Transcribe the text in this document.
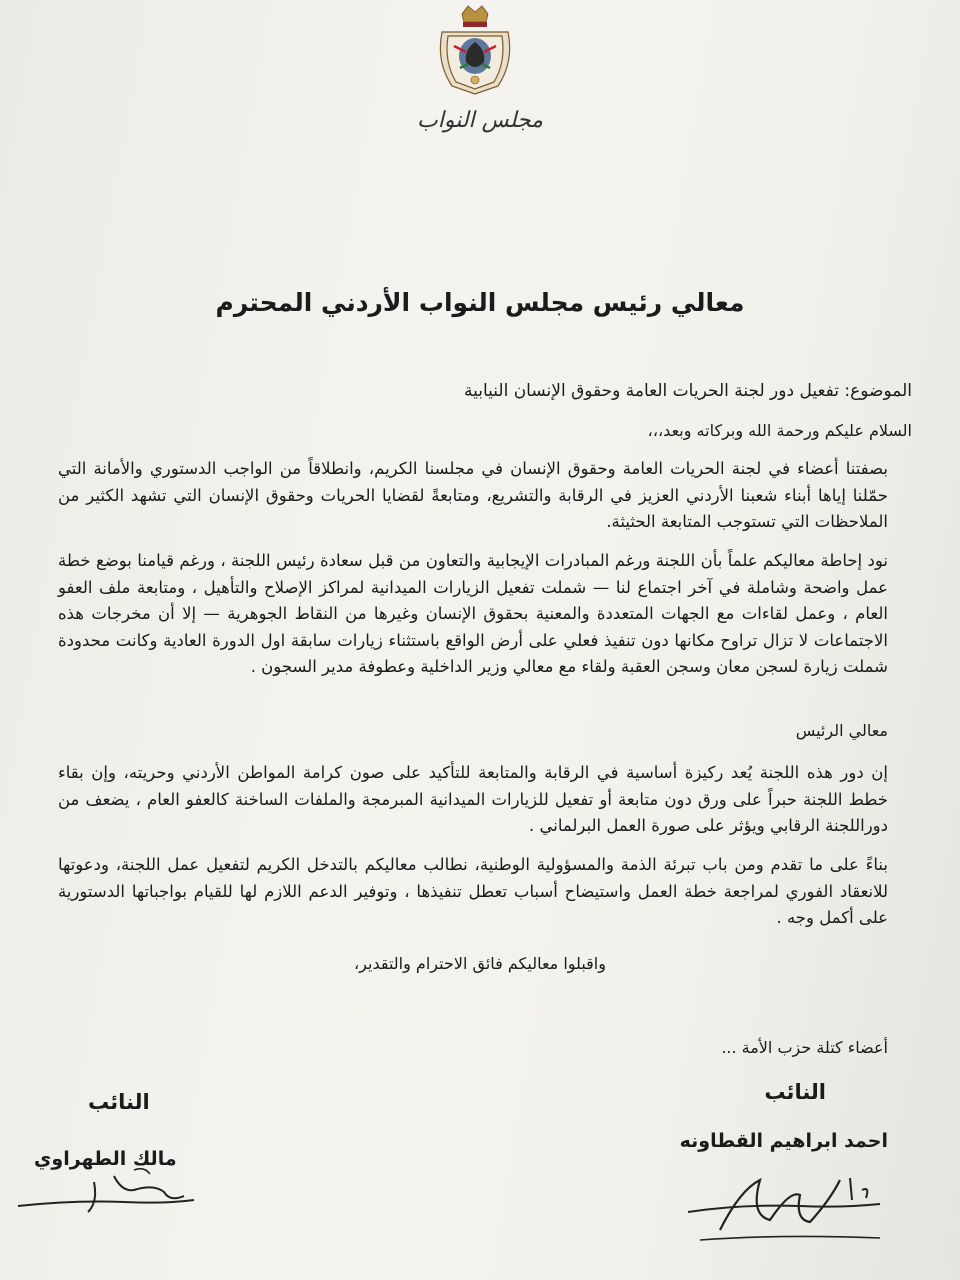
مجلس النواب
معالي رئيس مجلس النواب الأردني المحترم
الموضوع: تفعيل دور لجنة الحريات العامة وحقوق الإنسان النيابية
السلام عليكم ورحمة الله وبركاته وبعد،،،
بصفتنا أعضاء في لجنة الحريات العامة وحقوق الإنسان في مجلسنا الكريم، وانطلاقاً من الواجب الدستوري والأمانة التي حمّلنا إياها أبناء شعبنا الأردني العزيز في الرقابة والتشريع، ومتابعةً لقضايا الحريات وحقوق الإنسان التي تشهد الكثير من الملاحظات التي تستوجب المتابعة الحثيثة.
نود إحاطة معاليكم علماً بأن اللجنة ورغم المبادرات الإيجابية والتعاون من قبل سعادة رئيس اللجنة ، ورغم قيامنا بوضع خطة عمل واضحة وشاملة في آخر اجتماع لنا — شملت تفعيل الزيارات الميدانية لمراكز الإصلاح والتأهيل ، ومتابعة ملف العفو العام ، وعمل لقاءات مع الجهات المتعددة والمعنية بحقوق الإنسان وغيرها من النقاط الجوهرية — إلا أن مخرجات هذه الاجتماعات لا تزال تراوح مكانها دون تنفيذ فعلي على أرض الواقع باستثناء زيارات سابقة اول الدورة العادية وكانت محدودة شملت زيارة لسجن معان وسجن العقبة ولقاء مع معالي وزير الداخلية وعطوفة مدير السجون .
معالي الرئيس
إن دور هذه اللجنة يُعد ركيزة أساسية في الرقابة والمتابعة للتأكيد على صون كرامة المواطن الأردني وحريته، وإن بقاء خطط اللجنة حبراً على ورق دون متابعة أو تفعيل للزيارات الميدانية المبرمجة والملفات الساخنة كالعفو العام ، يضعف من دوراللجنة الرقابي ويؤثر على صورة العمل البرلماني .
بناءً على ما تقدم ومن باب تبرئة الذمة والمسؤولية الوطنية، نطالب معاليكم بالتدخل الكريم لتفعيل عمل اللجنة، ودعوتها للانعقاد الفوري لمراجعة خطة العمل واستيضاح أسباب تعطل تنفيذها ، وتوفير الدعم اللازم لها للقيام بواجباتها الدستورية على أكمل وجه .
واقبلوا معاليكم فائق الاحترام والتقدير،
أعضاء كتلة حزب الأمة ...
النائب
احمد ابراهيم القطاونه
النائب
مالك الطهراوي
